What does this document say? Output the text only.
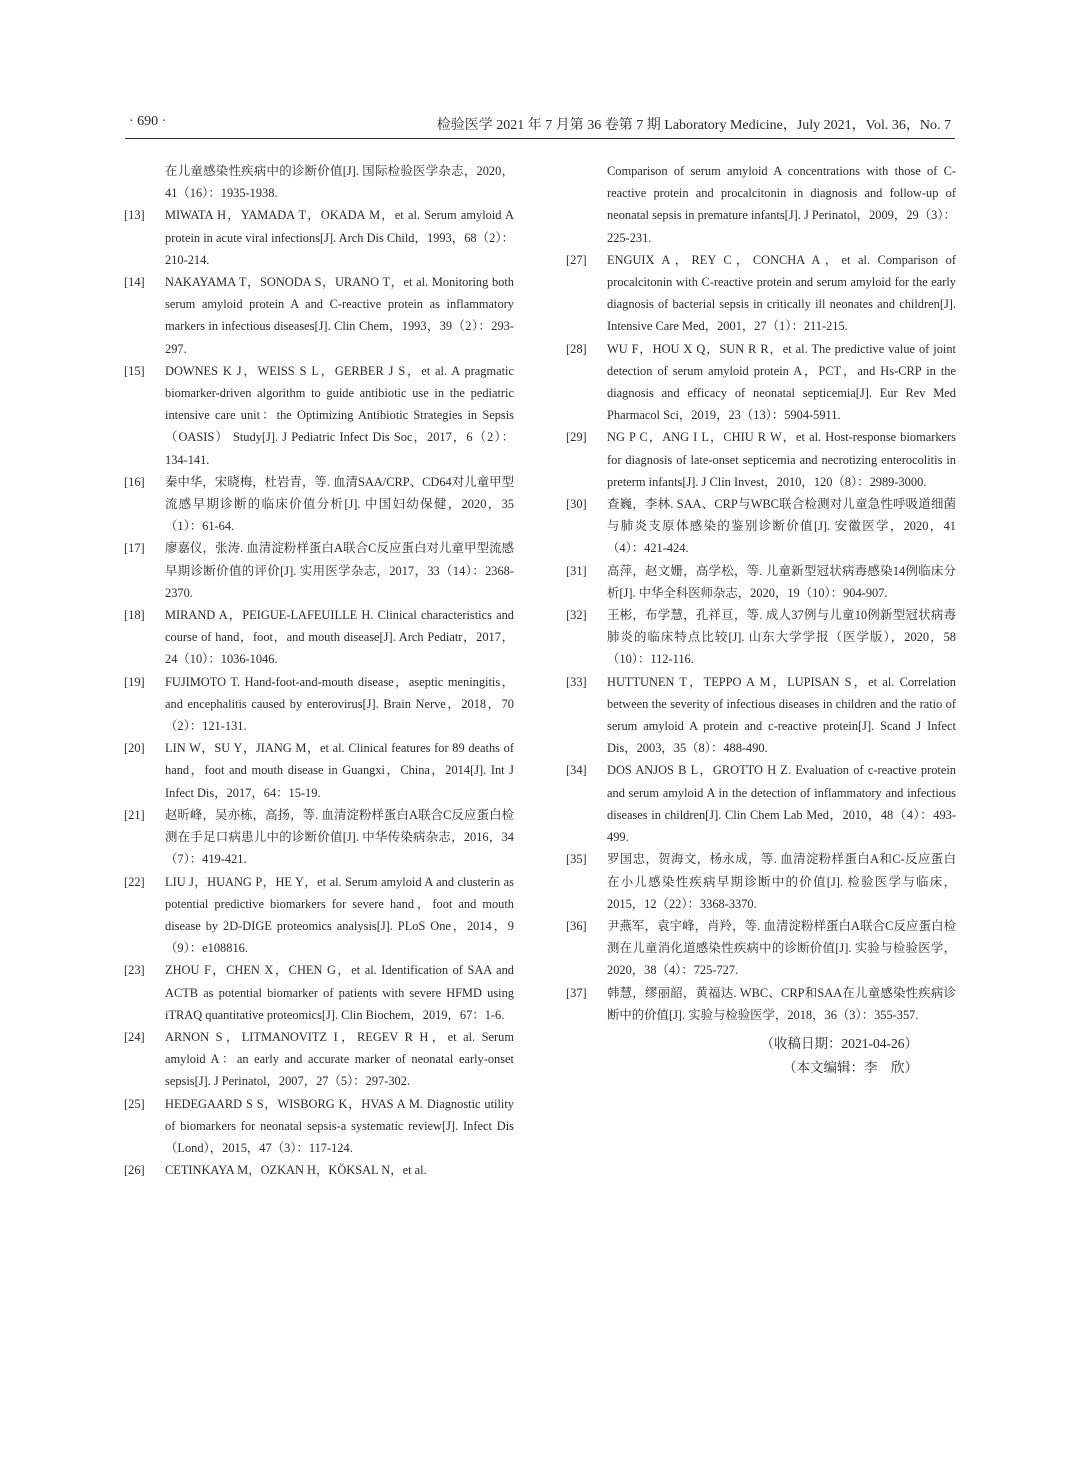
· 690 ·	检验医学 2021 年 7 月第 36 卷第 7 期 Laboratory Medicine，July 2021，Vol. 36，No. 7
在儿童感染性疾病中的诊断价值[J]. 国际检验医学杂志，2020，41（16）：1935-1938.
[13]	MIWATA H，YAMADA T，OKADA M，et al. Serum amyloid A protein in acute viral infections[J]. Arch Dis Child，1993，68（2）：210-214.
[14]	NAKAYAMA T，SONODA S，URANO T，et al. Monitoring both serum amyloid protein A and C-reactive protein as inflammatory markers in infectious diseases[J]. Clin Chem，1993，39（2）：293-297.
[15]	DOWNES K J，WEISS S L，GERBER J S，et al. A pragmatic biomarker-driven algorithm to guide antibiotic use in the pediatric intensive care unit：the Optimizing Antibiotic Strategies in Sepsis（OASIS） Study[J]. J Pediatric Infect Dis Soc，2017，6（2）：134-141.
[16]	秦中华，宋晓梅，杜岩青，等. 血清SAA/CRP、CD64对儿童甲型流感早期诊断的临床价值分析[J]. 中国妇幼保健，2020，35（1）：61-64.
[17]	廖嘉仪，张涛. 血清淀粉样蛋白A联合C反应蛋白对儿童甲型流感早期诊断价值的评价[J]. 实用医学杂志，2017，33（14）：2368-2370.
[18]	MIRAND A，PEIGUE-LAFEUILLE H. Clinical characteristics and course of hand，foot，and mouth disease[J]. Arch Pediatr，2017，24（10）：1036-1046.
[19]	FUJIMOTO T. Hand-foot-and-mouth disease，aseptic meningitis，and encephalitis caused by enterovirus[J]. Brain Nerve，2018，70（2）：121-131.
[20]	LIN W，SU Y，JIANG M，et al. Clinical features for 89 deaths of hand，foot and mouth disease in Guangxi，China，2014[J]. Int J Infect Dis，2017，64：15-19.
[21]	赵昕峰，吴亦栋，高扬，等. 血清淀粉样蛋白A联合C反应蛋白检测在手足口病患儿中的诊断价值[J]. 中华传染病杂志，2016，34（7）：419-421.
[22]	LIU J，HUANG P，HE Y，et al. Serum amyloid A and clusterin as potential predictive biomarkers for severe hand，foot and mouth disease by 2D-DIGE proteomics analysis[J]. PLoS One，2014，9（9）：e108816.
[23]	ZHOU F，CHEN X，CHEN G，et al. Identification of SAA and ACTB as potential biomarker of patients with severe HFMD using iTRAQ quantitative proteomics[J]. Clin Biochem，2019，67：1-6.
[24]	ARNON S，LITMANOVITZ I，REGEV R H，et al. Serum amyloid A：an early and accurate marker of neonatal early-onset sepsis[J]. J Perinatol，2007，27（5）：297-302.
[25]	HEDEGAARD S S，WISBORG K，HVAS A M. Diagnostic utility of biomarkers for neonatal sepsis-a systematic review[J]. Infect Dis（Lond），2015，47（3）：117-124.
[26]	CETINKAYA M，OZKAN H，KÖKSAL N，et al.
Comparison of serum amyloid A concentrations with those of C-reactive protein and procalcitonin in diagnosis and follow-up of neonatal sepsis in premature infants[J]. J Perinatol，2009，29（3）：225-231.
[27]	ENGUIX A，REY C，CONCHA A，et al. Comparison of procalcitonin with C-reactive protein and serum amyloid for the early diagnosis of bacterial sepsis in critically ill neonates and children[J]. Intensive Care Med，2001，27（1）：211-215.
[28]	WU F，HOU X Q，SUN R R，et al. The predictive value of joint detection of serum amyloid protein A，PCT，and Hs-CRP in the diagnosis and efficacy of neonatal septicemia[J]. Eur Rev Med Pharmacol Sci，2019，23（13）：5904-5911.
[29]	NG P C，ANG I L，CHIU R W，et al. Host-response biomarkers for diagnosis of late-onset septicemia and necrotizing enterocolitis in preterm infants[J]. J Clin Invest，2010，120（8）：2989-3000.
[30]	查巍，李林. SAA、CRP与WBC联合检测对儿童急性呼吸道细菌与肺炎支原体感染的鉴别诊断价值[J]. 安徽医学，2020，41（4）：421-424.
[31]	高萍，赵文姗，高学松，等. 儿童新型冠状病毒感染14例临床分析[J]. 中华全科医师杂志，2020，19（10）：904-907.
[32]	王彬，布学慧，孔祥亘，等. 成人37例与儿童10例新型冠状病毒肺炎的临床特点比较[J]. 山东大学学报（医学版），2020，58（10）：112-116.
[33]	HUTTUNEN T，TEPPO A M，LUPISAN S，et al. Correlation between the severity of infectious diseases in children and the ratio of serum amyloid A protein and c-reactive protein[J]. Scand J Infect Dis，2003，35（8）：488-490.
[34]	DOS ANJOS B L，GROTTO H Z. Evaluation of c-reactive protein and serum amyloid A in the detection of inflammatory and infectious diseases in children[J]. Clin Chem Lab Med，2010，48（4）：493-499.
[35]	罗国忠，贺海文，杨永成，等. 血清淀粉样蛋白A和C-反应蛋白在小儿感染性疾病早期诊断中的价值[J]. 检验医学与临床，2015，12（22）：3368-3370.
[36]	尹燕军，袁宇峰，肖羚，等. 血清淀粉样蛋白A联合C反应蛋白检测在儿童消化道感染性疾病中的诊断价值[J]. 实验与检验医学，2020，38（4）：725-727.
[37]	韩慧，缪丽韶，黄福达. WBC、CRP和SAA在儿童感染性疾病诊断中的价值[J]. 实验与检验医学，2018，36（3）：355-357.
（收稿日期：2021-04-26）
（本文编辑：李　欣）
